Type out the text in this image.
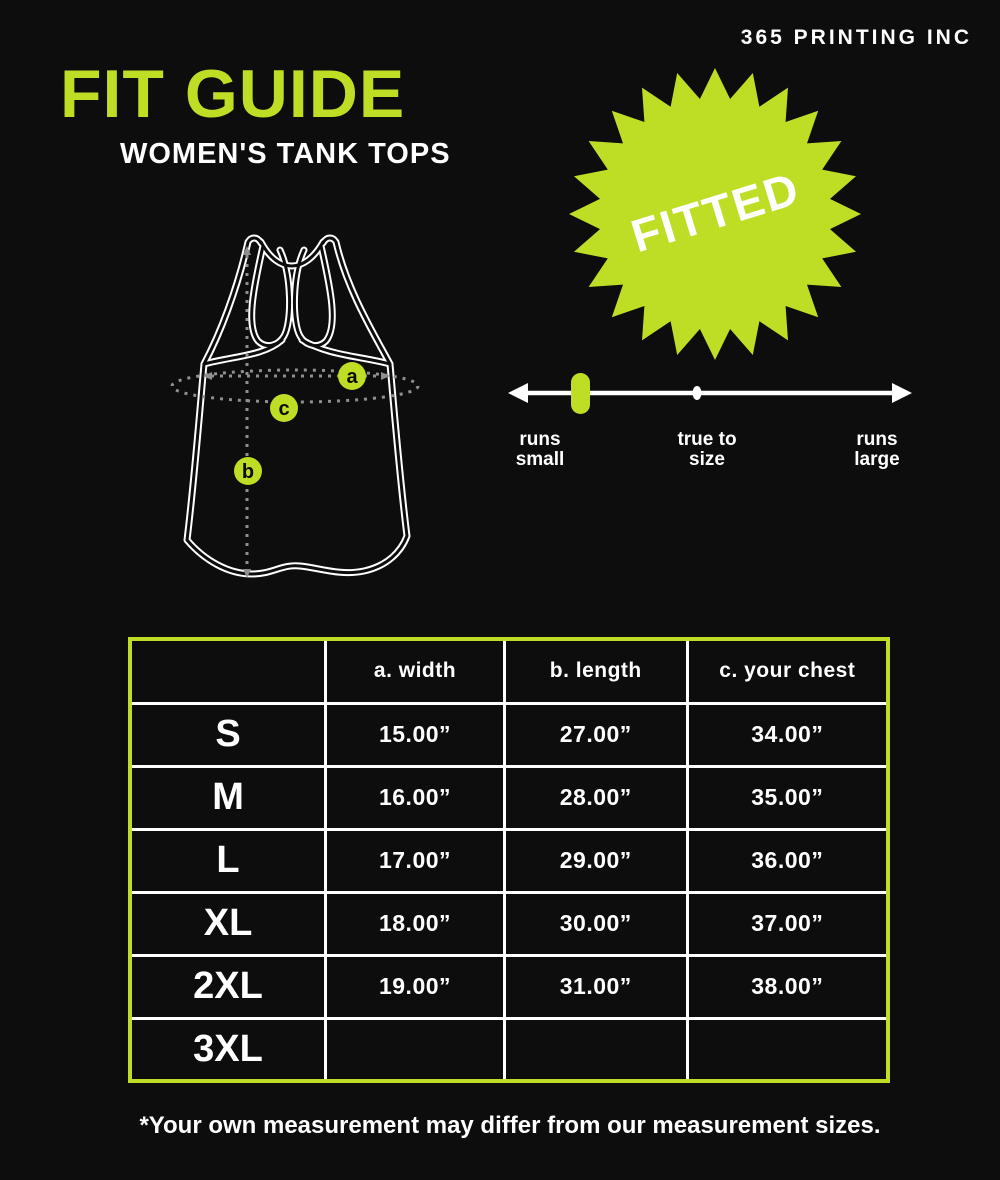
365 PRINTING INC
FIT GUIDE
WOMEN'S TANK TOPS
FITTED
a
c
b
runs
small
true to
size
runs
large
	a. width	b. length	c. your chest
S	15.00”	27.00”	34.00”
M	16.00”	28.00”	35.00”
L	17.00”	29.00”	36.00”
XL	18.00”	30.00”	37.00”
2XL	19.00”	31.00”	38.00”
3XL			
*Your own measurement may differ from our measurement sizes.
